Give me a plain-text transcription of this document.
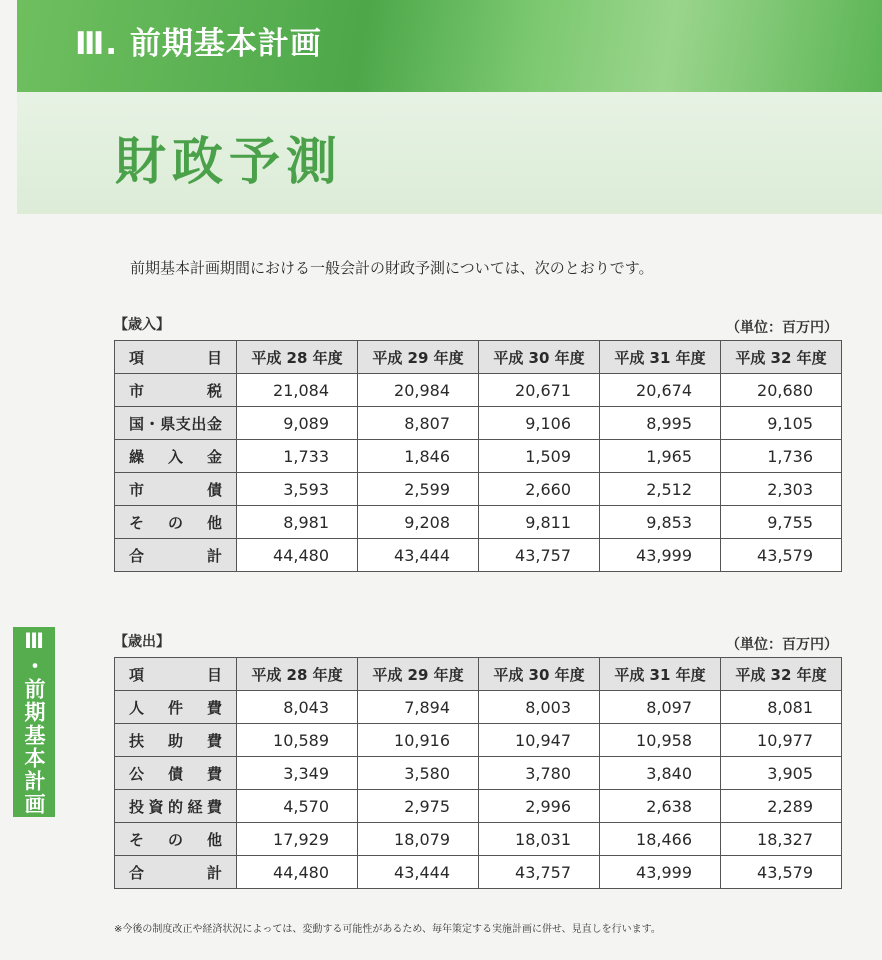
Ⅲ. 前期基本計画
財政予測
前期基本計画期間における一般会計の財政予測については、次のとおりです。
【歳入】	（単位：百万円）
項　目	平成 28 年度	平成 29 年度	平成 30 年度	平成 31 年度	平成 32 年度
市税	21,084	20,984	20,671	20,674	20,680
国・県支出金	9,089	8,807	9,106	8,995	9,105
繰入金	1,733	1,846	1,509	1,965	1,736
市債	3,593	2,599	2,660	2,512	2,303
その他	8,981	9,208	9,811	9,853	9,755
合計	44,480	43,444	43,757	43,999	43,579
【歳出】	（単位：百万円）
項　目	平成 28 年度	平成 29 年度	平成 30 年度	平成 31 年度	平成 32 年度
人件費	8,043	7,894	8,003	8,097	8,081
扶助費	10,589	10,916	10,947	10,958	10,977
公債費	3,349	3,580	3,780	3,840	3,905
投資的経費	4,570	2,975	2,996	2,638	2,289
その他	17,929	18,079	18,031	18,466	18,327
合計	44,480	43,444	43,757	43,999	43,579
Ⅲ・前期基本計画
※今後の制度改正や経済状況によっては、変動する可能性があるため、毎年策定する実施計画に併せ、見直しを行います。
